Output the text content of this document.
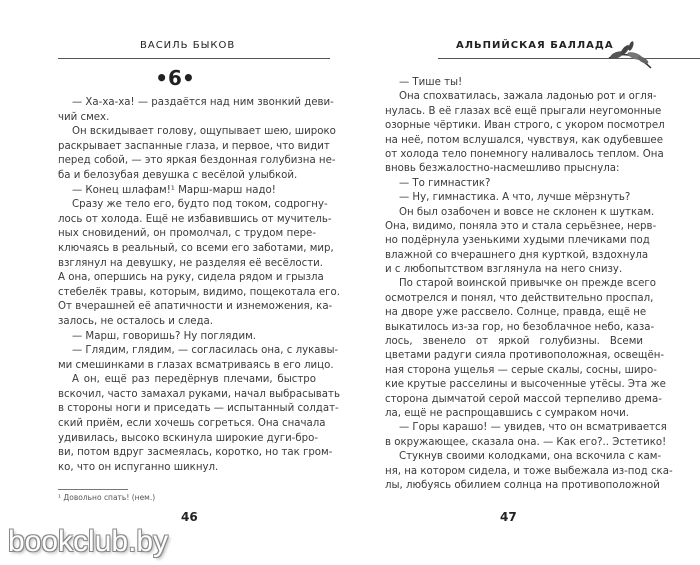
ВАСИЛЬ БЫКОВ
•6•
— Ха-ха-ха! — раздаётся над ним звонкий деви-
чий смех.
Он вскидывает голову, ощупывает шею, широко
раскрывает заспанные глаза, и первое, что видит
перед собой, — это яркая бездонная голубизна не-
ба и белозубая девушка с весёлой улыбкой.
— Конец шлафам!¹ Марш-марш надо!
Сразу же тело его, будто под током, содрогну-
лось от холода. Ещё не избавившись от мучитель-
ных сновидений, он промолчал, с трудом пере-
ключаясь в реальный, со всеми его заботами, мир,
взглянул на девушку, не разделяя её весёлости.
А она, опершись на руку, сидела рядом и грызла
стебелёк травы, которым, видимо, пощекотала его.
От вчерашней её апатичности и изнеможения, ка-
залось, не осталось и следа.
— Марш, говоришь? Ну поглядим.
— Глядим, глядим, — согласилась она, с лукавы-
ми смешинками в глазах всматриваясь в его лицо.
А он, ещё раз передёрнув плечами, быстро
вскочил, часто замахал руками, начал выбрасывать
в стороны ноги и приседать — испытанный солдат-
ский приём, если хочешь согреться. Она сначала
удивилась, высоко вскинула широкие дуги-бро-
ви, потом вдруг засмеялась, коротко, но так гром-
ко, что он испуганно шикнул.
¹ Довольно спать! (нем.)
46
bookclub.by
АЛЬПИЙСКАЯ БАЛЛАДА
— Тише ты!
Она спохватилась, зажала ладонью рот и огля-
нулась. В её глазах всё ещё прыгали неугомонные
озорные чёртики. Иван строго, с укором посмотрел
на неё, потом вслушался, чувствуя, как одубевшее
от холода тело понемногу наливалось теплом. Она
вновь безжалостно-насмешливо прыснула:
— То гимнастик?
— Ну, гимнастика. А что, лучше мёрзнуть?
Он был озабочен и вовсе не склонен к шуткам.
Она, видимо, поняла это и стала серьёзнее, нерв-
но подёрнула узенькими худыми плечиками под
влажной со вчерашнего дня курткой, вздохнула
и с любопытством взглянула на него снизу.
По старой воинской привычке он прежде всего
осмотрелся и понял, что действительно проспал,
на дворе уже рассвело. Солнце, правда, ещё не
выкатилось из-за гор, но безоблачное небо, каза-
лось, звенело от яркой голубизны. Всеми
цветами радуги сияла противоположная, освещён-
ная сторона ущелья — серые скалы, сосны, широ-
кие крутые расселины и высоченные утёсы. Эта же
сторона дымчатой серой массой терпеливо дрема-
ла, ещё не распрощавшись с сумраком ночи.
— Горы карашо! — увидев, что он всматривается
в окружающее, сказала она. — Как его?.. Эстетико!
Стукнув своими колодками, она вскочила с кам-
ня, на котором сидела, и тоже выбежала из-под ска-
лы, любуясь обилием солнца на противоположной
47
